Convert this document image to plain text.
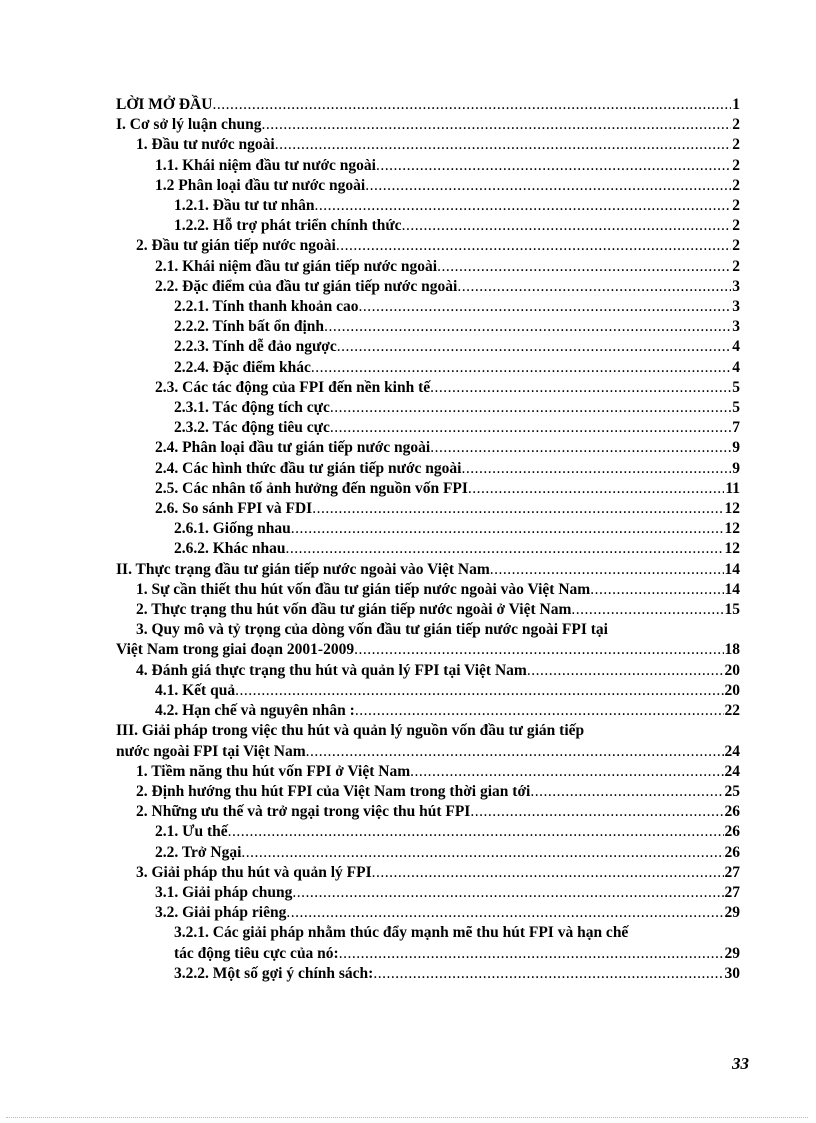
LỜI MỞ ĐẦU .....	1
I. Cơ sở lý luận chung .....	2
1. Đầu tư nước ngoài .....	2
1.1. Khái niệm đầu tư nước ngoài .....	2
1.2 Phân loại đầu tư nước ngoài .....	2
1.2.1. Đầu tư tư nhân .....	2
1.2.2. Hỗ trợ phát triển chính thức .....	2
2. Đầu tư gián tiếp nước ngoài .....	2
2.1. Khái niệm đầu tư gián tiếp nước ngoài .....	2
2.2. Đặc điểm của đầu tư gián tiếp nước ngoài .....	3
2.2.1. Tính thanh khoản cao .....	3
2.2.2. Tính bất ổn định .....	3
2.2.3. Tính dễ đảo ngược .....	4
2.2.4. Đặc điểm khác .....	4
2.3. Các tác động của FPI đến nền kinh tế .....	5
2.3.1. Tác động tích cực .....	5
2.3.2. Tác động tiêu cực .....	7
2.4. Phân loại đầu tư gián tiếp nước ngoài .....	9
2.4. Các hình thức đầu tư gián tiếp nước ngoài .....	9
2.5. Các nhân tố ảnh hưởng đến nguồn vốn FPI .....	11
2.6. So sánh FPI và FDI .....	12
2.6.1. Giống nhau .....	12
2.6.2. Khác nhau .....	12
II. Thực trạng đầu tư gián tiếp nước ngoài vào Việt Nam .....	14
1. Sự cần thiết thu hút vốn đầu tư gián tiếp nước ngoài vào Việt Nam .....	14
2. Thực trạng thu hút vốn đầu tư gián tiếp nước ngoài ở Việt Nam .....	15
3. Quy mô và tỷ trọng của dòng vốn đầu tư gián tiếp nước ngoài FPI tại
Việt Nam trong giai đoạn 2001-2009 .....	18
4. Đánh giá thực trạng thu hút và quản lý FPI tại Việt Nam .....	20
4.1. Kết quả .....	20
4.2. Hạn chế và nguyên nhân : .....	22
III. Giải pháp trong việc thu hút và quản lý nguồn vốn đầu tư gián tiếp
nước ngoài FPI tại Việt Nam .....	24
1. Tiềm năng thu hút vốn FPI ở Việt Nam .....	24
2. Định hướng thu hút FPI của Việt Nam trong thời gian tới .....	25
2. Những ưu thế và trở ngại trong việc thu hút FPI .....	26
2.1. Ưu thế .....	26
2.2. Trở Ngại .....	26
3. Giải pháp thu hút và quản lý FPI .....	27
3.1. Giải pháp chung .....	27
3.2. Giải pháp riêng .....	29
3.2.1. Các giải pháp nhằm thúc đẩy mạnh mẽ thu hút FPI và hạn chế
tác động tiêu cực của nó: .....	29
3.2.2. Một số gợi ý chính sách: .....	30
33
